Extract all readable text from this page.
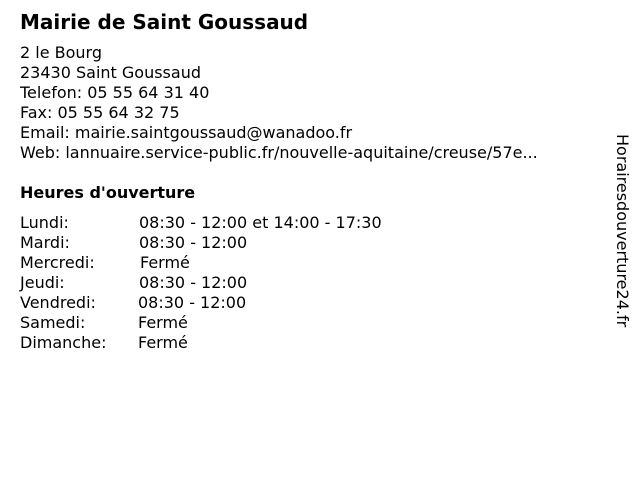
Mairie de Saint Goussaud
2 le Bourg
23430 Saint Goussaud
Telefon: 05 55 64 31 40
Fax: 05 55 64 32 75
Email: mairie.saintgoussaud@wanadoo.fr
Web: lannuaire.service-public.fr/nouvelle-aquitaine/creuse/57e...
Heures d'ouverture
Lundi:	08:30 - 12:00 et 14:00 - 17:30
Mardi:	08:30 - 12:00
Mercredi:	Fermé
Jeudi:	08:30 - 12:00
Vendredi:	08:30 - 12:00
Samedi:	Fermé
Dimanche: Fermé
Horairesdouverture24.fr
